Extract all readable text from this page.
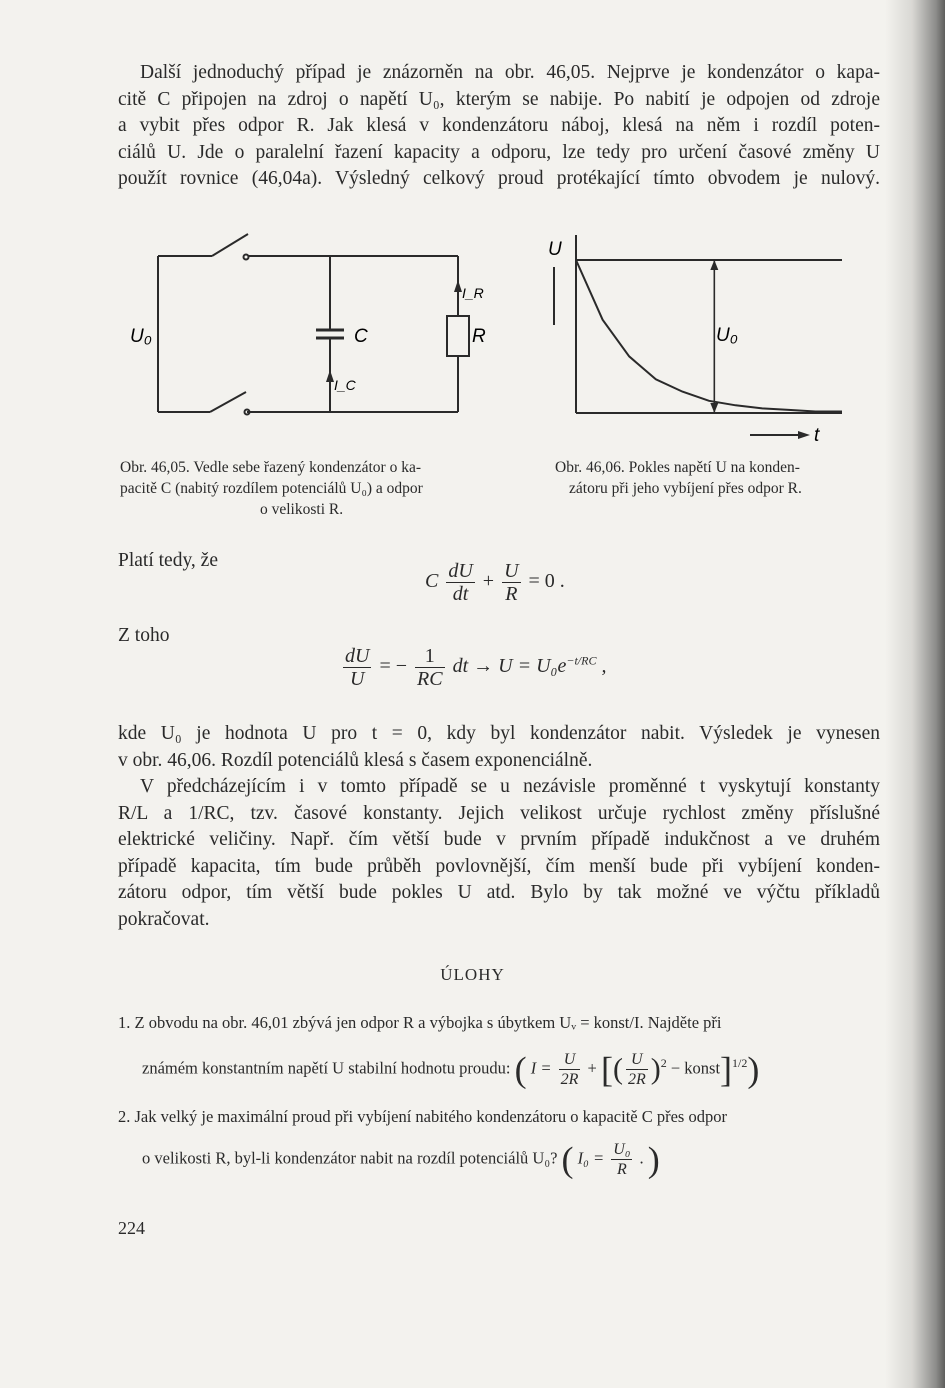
Další jednoduchý případ je znázorněn na obr. 46,05. Nejprve je kondenzátor o kapa-
citě C připojen na zdroj o napětí U₀, kterým se nabije. Po nabití je odpojen od zdroje
a vybit přes odpor R. Jak klesá v kondenzátoru náboj, klesá na něm i rozdíl poten-
ciálů U. Jde o paralelní řazení kapacity a odporu, lze tedy pro určení časové změny U
použít rovnice (46,04a). Výsledný celkový proud protékající tímto obvodem je nulový.
U₀	C	R
I_R
I_C
Obr. 46,05. Vedle sebe řazený kondenzátor o ka-
pacitě C (nabitý rozdílem potenciálů U₀) a odpor
o velikosti R.
U
t
U₀
Obr. 46,06. Pokles napětí U na konden-
zátoru při jeho vybíjení přes odpor R.
Platí tedy, že
C $\frac{dU}{dt} + \frac{U}{R} = 0$ .
Z toho
$\frac{dU}{U}$ = − $\frac{1}{RC}$ dt → $U = U_0e^{-t/RC}$ ,
kde U₀ je hodnota U pro t = 0, kdy byl kondenzátor nabit. Výsledek je vynesen
v obr. 46,06. Rozdíl potenciálů klesá s časem exponenciálně.
V předcházejícím i v tomto případě se u nezávisle proměnné t vyskytují konstanty
R/L a 1/RC, tzv. časové konstanty. Jejich velikost určuje rychlost změny příslušné
elektrické veličiny. Např. čím větší bude v prvním případě indukčnost a ve druhém
případě kapacita, tím bude průběh povlovnější, čím menší bude při vybíjení konden-
zátoru odpor, tím větší bude pokles U atd. Bylo by tak možné ve výčtu příkladů
pokračovat.
ÚLOHY
1. Z obvodu na obr. 46,01 zbývá jen odpor R a výbojka s úbytkem Uᵥ = konst/I. Najděte při
známém konstantním napětí U stabilní hodnotu proudu: ( $I = \frac{U}{2R}$ + [( $\frac{U}{2R} )^2$ − konst]$^{1/2}$)
2. Jak velký je maximální proud při vybíjení nabitého kondenzátoru o kapacitě C přes odpor
o velikosti R, byl-li kondenzátor nabit na rozdíl potenciálů U₀? ( $I_0 = \frac{\text{U₀}}{R}$ . )
224
